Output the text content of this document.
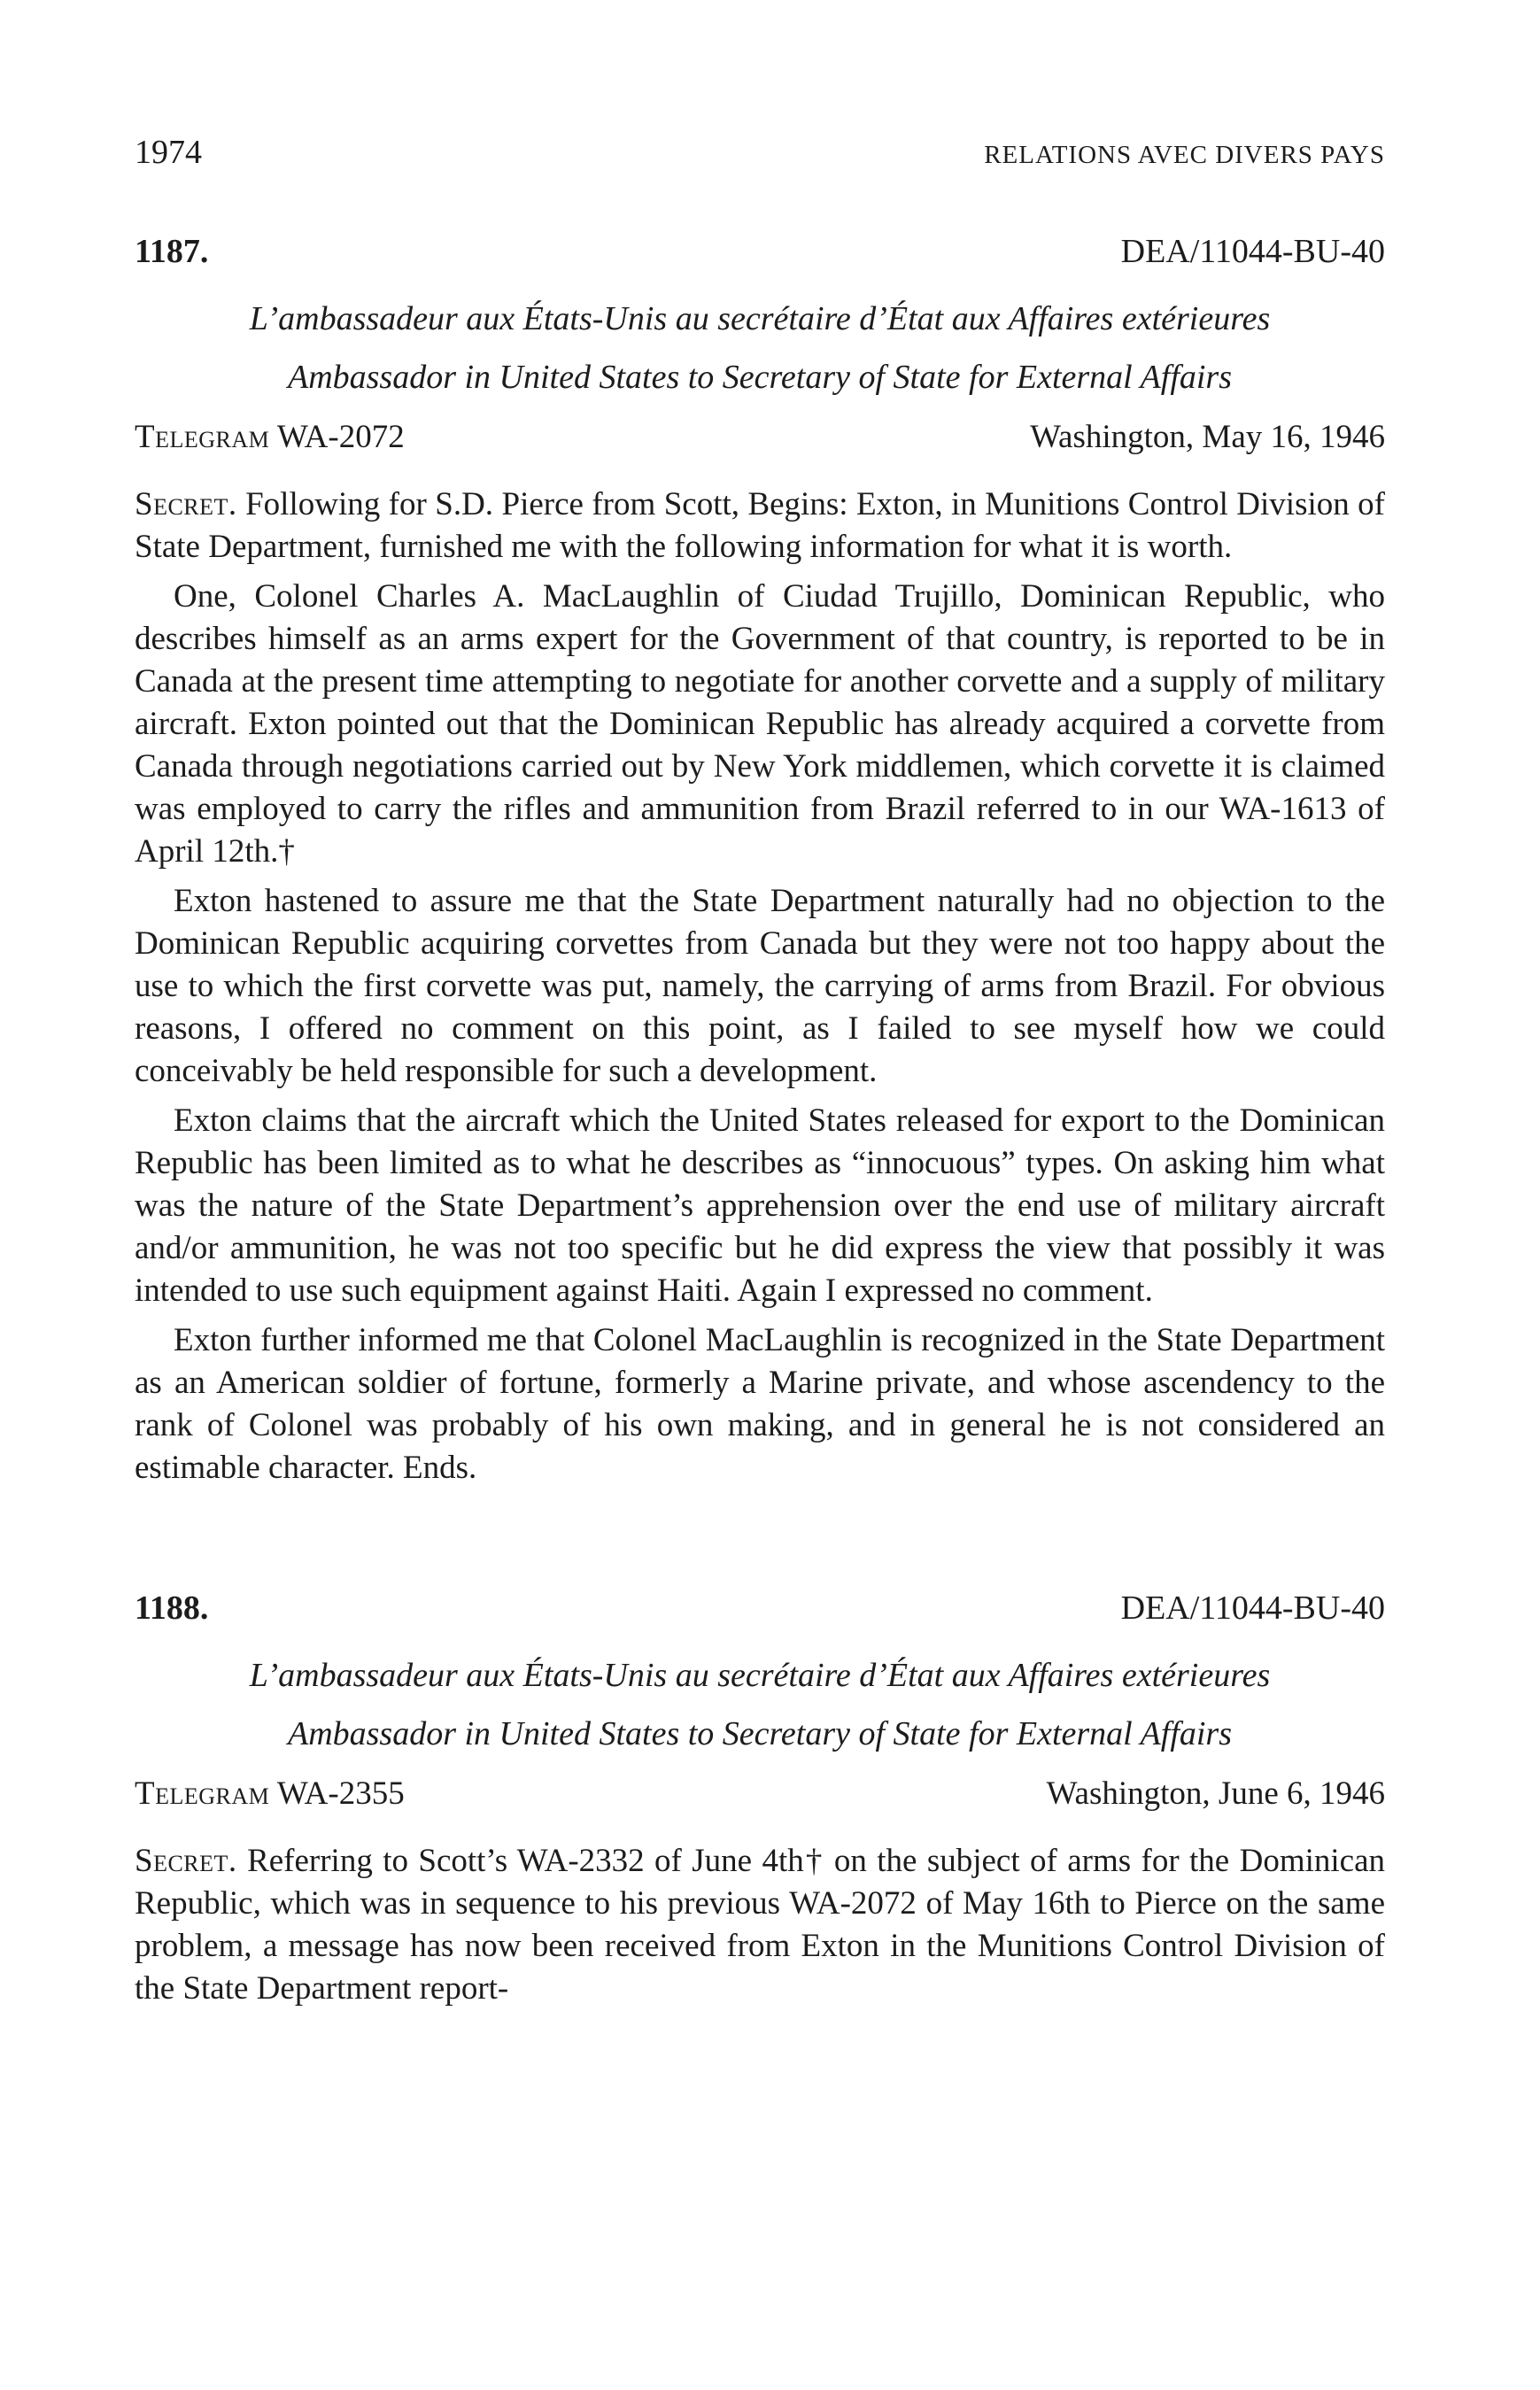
1974	RELATIONS AVEC DIVERS PAYS
1187.	DEA/11044-BU-40
L’ambassadeur aux États-Unis au secrétaire d’État aux Affaires extérieures
Ambassador in United States to Secretary of State for External Affairs
Telegram WA-2072	Washington, May 16, 1946

Secret. Following for S.D. Pierce from Scott, Begins: Exton, in Munitions Control Division of State Department, furnished me with the following information for what it is worth.

One, Colonel Charles A. MacLaughlin of Ciudad Trujillo, Dominican Republic, who describes himself as an arms expert for the Government of that country, is reported to be in Canada at the present time attempting to negotiate for another corvette and a supply of military aircraft. Exton pointed out that the Dominican Republic has already acquired a corvette from Canada through negotiations carried out by New York middlemen, which corvette it is claimed was employed to carry the rifles and ammunition from Brazil referred to in our WA-1613 of April 12th.†

Exton hastened to assure me that the State Department naturally had no objection to the Dominican Republic acquiring corvettes from Canada but they were not too happy about the use to which the first corvette was put, namely, the carrying of arms from Brazil. For obvious reasons, I offered no comment on this point, as I failed to see myself how we could conceivably be held responsible for such a development.

Exton claims that the aircraft which the United States released for export to the Dominican Republic has been limited as to what he describes as “innocuous” types. On asking him what was the nature of the State Department’s apprehension over the end use of military aircraft and/or ammunition, he was not too specific but he did express the view that possibly it was intended to use such equipment against Haiti. Again I expressed no comment.

Exton further informed me that Colonel MacLaughlin is recognized in the State Department as an American soldier of fortune, formerly a Marine private, and whose ascendency to the rank of Colonel was probably of his own making, and in general he is not considered an estimable character. Ends.

1188.	DEA/11044-BU-40
L’ambassadeur aux États-Unis au secrétaire d’État aux Affaires extérieures
Ambassador in United States to Secretary of State for External Affairs
Telegram WA-2355	Washington, June 6, 1946

Secret. Referring to Scott’s WA-2332 of June 4th† on the subject of arms for the Dominican Republic, which was in sequence to his previous WA-2072 of May 16th to Pierce on the same problem, a message has now been received from Exton in the Munitions Control Division of the State Department report-
